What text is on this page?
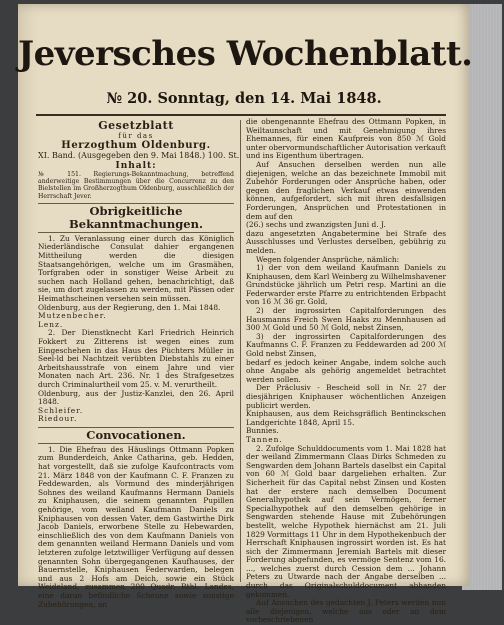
Jeversches Wochenblatt.
№ 20. Sonntag, den 14. Mai 1848.
Gesetzblatt
für das
Herzogthum Oldenburg.
XI. Band. (Ausgegeben den 9. Mai 1848.) 100. St.
Inhalt:

№ 151. Regierungs-Bekanntmachung, betreffend anderweitige Bestimmungen über die Concurrenz zu den Bielstellen im Großherzogthum Oldenburg, ausschließlich der Herrschaft Jever.

Obrigkeitliche Bekanntmachungen.

1. Zu Veranlassung einer durch das Königlich Niederländische Consulat dahier ergangenen Mittheilung werden die diesigen Staatsangehörigen, welche um im Grasmähen, Torfgraben oder in sonstiger Weise Arbeit zu suchen nach Holland gehen, benachrichtigt, daß sie, um dort zugelassen zu werden, mit Pässen oder Heimathscheinen versehen sein müssen.

Oldenburg, aus der Regierung, den 1. Mai 1848.

Mutzenbecher.

Lenz.

2. Der Dienstknecht Karl Friedrich Heinrich Fokkert zu Zitterens ist wegen eines zum Eingeschehen in das Haus des Püchters Müller in Seel-ld bei Nachtzeit verübten Diebstahls zu einer Arbeitshausstrafe von einem Jahre und vier Monaten nach Art. 236. Nr. 1 des Strafgesetzes durch Criminalurtheil vom 25. v. M. verurtheilt.

Oldenburg, aus der Justiz-Kanzlei, den 26. April 1848.

Schleifer.

Riedour.

Convocationen.

1. Die Ehefrau des Häuslings Ottmann Popken zum Bunderdeich, Anke Catharina, geb. Hedden, hat vorgestellt, daß sie zufolge Kaufcontracts vom 21. März 1848 von der Kaufmann C. F. Franzen zu Feddewarden, als Vormund des minderjährigen Sohnes des weiland Kaufmanns Hermann Daniels zu Kniphausen, die seinem genannten Pupillen gehörige, vom weiland Kaufmann Daniels zu Kniphausen von dessen Vater, dem Gastwirthe Dirk Jacob Daniels, erworbene Stelle zu Hebewarden, einschließlich des von dem Kaufmann Daniels von dem genannten weiland Hermann Daniels und vom letzteren zufolge letztwilliger Verfügung auf dessen genannten Sohn übergegangenen Kaufhauses, der Bauernstelle, Kniphausen Federwarden, belegen und aus 2 Hofs am Deich, sowie ein Stück Weideland, zusammen 200 Quadr. Rthl. Landes, eine daran befindliche Scheune sowie sonstige Zubehörungen, an

die obengenannte Ehefrau des Ottmann Popken, in Weiltaunschaft und mit Genehmigung ihres Ehemannes, für einen Kaufpreis von 850 ℳ Gold unter obervormundschaftlicher Autorisation verkauft und ins Eigenthum übertragen.

Auf Ansuchen derselben werden nun alle diejenigen, welche an das bezeichnete Immobil mit Zubehör Forderungen oder Ansprüche haben, oder gegen den fraglichen Verkauf etwas einwenden können, aufgefordert, sich mit ihren desfallsigen Forderungen, Ansprüchen und Protestationen in dem auf den

(26.) sechs und zwanzigsten Juni d. J.

dazu angesetzten Angabetermine bei Strafe des Ausschlusses und Verlustes derselben, gebührig zu melden.

Wegen folgender Ansprüche, nämlich:

1) der von dem weiland Kaufmann Daniels zu Kniphausen, dem Karl Weinberg zu Wilhelmshavener Grundstücke jährlich um Petri resp. Martini an die Federwarder erste Pfarre zu entrichtenden Erbpacht von 16 ℳ 36 gr. Gold,

2) der ingrossirten Capitalforderungen des Hausmanns Freich Swen Haaks zu Mennhausen ad 300 ℳ Gold und 50 ℳ Gold, nebst Zinsen,

3) der ingrossirten Capitalforderungen des Kaufmanns C. F. Franzen zu Feddewarden ad 200 ℳ Gold nebst Zinsen,

bedarf es jedoch keiner Angabe, indem solche auch ohne Angabe als gehörig angemeldet betrachtet werden sollen.

Der Präclusiv - Bescheid soll in Nr. 27 der diesjährigen Kniphauser wöchentlichen Anzeigen publicirt werden.

Kniphausen, aus dem Reichsgräflich Bentinckschen Landgerichte 1848, April 15.

Bunnies.

Tannen.

2. Zufolge Schulddocuments vom 1. Mai 1828 hat der weiland Zimmermann Claas Dirks Schmeden zu Sengwarden dem Johann Bartels daselbst ein Capital von 60 ℳ Gold baar dargeliehen erhalten. Zur Sicherheit für das Capital nebst Zinsen und Kosten hat der erstere nach demselben Document Generalhypothek auf sein Vermögen, ferner Specialhypothek auf den demselben gehörige in Sengwarden stehende Hause mit Zubehörungen bestellt, welche Hypothek hiernächst am 21. Juli 1829 Vormittags 11 Uhr in dem Hypothekenbuch der Herrschaft Kniphausen ingrossirt worden ist. Es hat sich der Zimmermann Jeremiah Bartels mit dieser Forderung abgefunden, es vermöge Sentenz vom 16. ..., welches zuerst durch Cession dem ... Johann Peters zu Utwarde nach der Angabe derselben ... durch das Originalschulddocument abhanden gekommen.

Auf Ansuchen des gedachten J. Peters werden nun alle diejenigen, welche aus oder an dem vorbeschriebenen
